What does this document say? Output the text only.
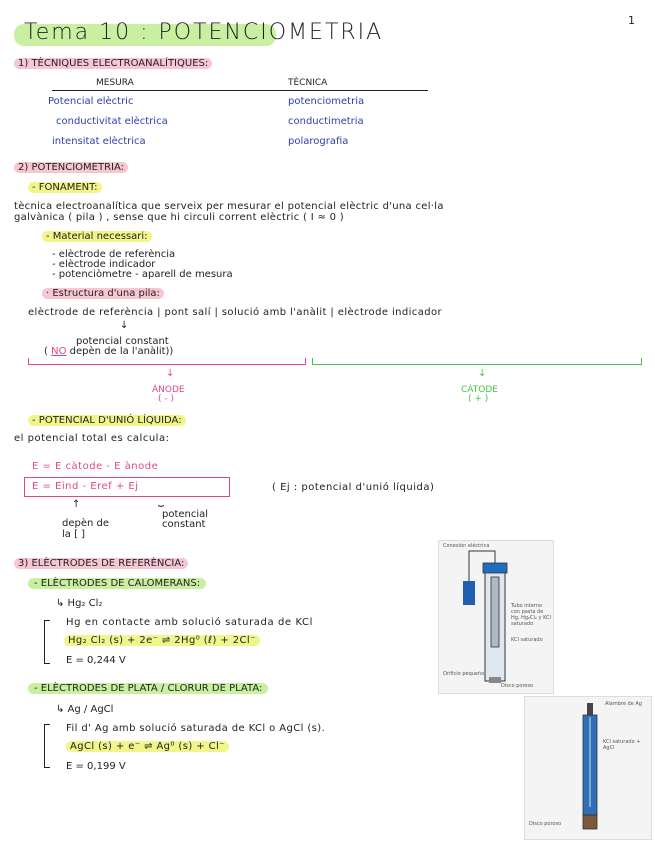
1
Tema 10 : POTENCIOMETRIA
1) TÈCNIQUES ELECTROANALÍTIQUES:
MESURA	TÈCNICA
Potencial elèctric	potenciometria
conductivitat elèctrica	conductimetria
intensitat elèctrica	polarografia
2) POTENCIOMETRIA:
- FONAMENT:
tècnica electroanalítica que serveix per mesurar el potencial elèctric d'una cel·la
galvànica ( pila ) , sense que hi circuli corrent elèctric ( I ≈ 0 )
- Material necessari:
- elèctrode de referència
- elèctrode indicador
- potenciòmetre - aparell de mesura
· Estructura d'una pila:
elèctrode de referència | pont salí | solució amb l'anàlit | elèctrode indicador
↓
potencial constant
( NO depèn de la l'anàlit))
↓
ÀNODE
( - )
↓
CÀTODE
( + )
- POTENCIAL D'UNIÓ LÍQUIDA:
el potencial total es calcula:
E = E càtode - E ànode
E = Eind - Eref + Ej	( Ej : potencial d'unió líquida)
↑	⏟
depèn de
la [ ]
potencial
constant
3) ELÈCTRODES DE REFERÈNCIA:
- ELÈCTRODES DE CALOMERANS:
↳ Hg₂ Cl₂
Hg en contacte amb solució saturada de KCl
Hg₂ Cl₂ (s) + 2e⁻ ⇌ 2Hg⁰ (ℓ) + 2Cl⁻
E = 0,244 V
- ELÈCTRODES DE PLATA / CLORUR DE PLATA:
↳ Ag / AgCl
Fil d' Ag amb solució saturada de KCl o AgCl (s).
AgCl (s) + e⁻ ⇌ Ag⁰ (s) + Cl⁻
E = 0,199 V
Conexión eléctrica
Tubo interno con pasta de Hg, Hg₂Cl₂ y KCl saturado
KCl saturado
Orificio pequeño
Disco poroso
Alambre de Ag
KCl saturado + AgCl
Disco poroso
